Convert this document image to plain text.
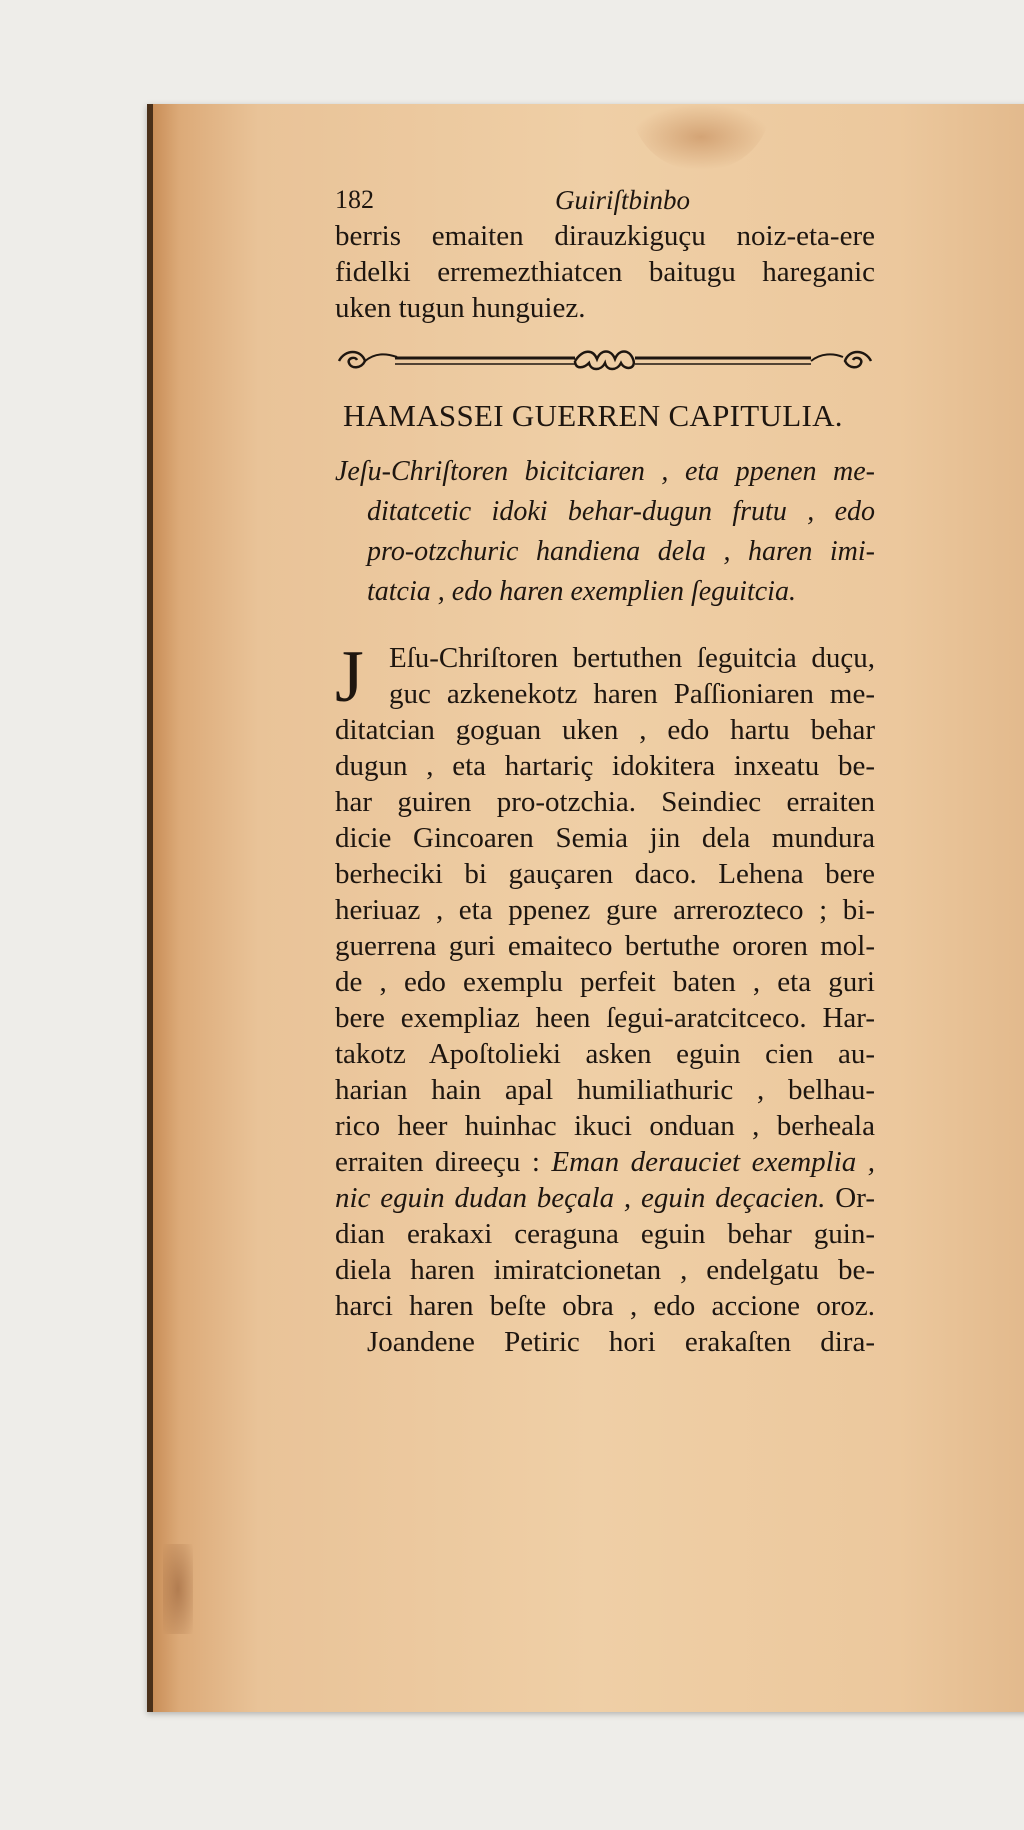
182	Guiriſtbinbo
berris emaiten dirauzkiguçu noiz-eta-ere
fidelki erremezthiatcen baitugu hareganic
uken tugun hunguiez.
HAMASSEI GUERREN CAPITULIA.
Jeſu-Chriſtoren bicitciaren , eta ppenen me-
ditatcetic idoki behar-dugun frutu , edo
pro-otzchuric handiena dela , haren imi-
tatcia , edo haren exemplien ſeguitcia.
J Eſu-Chriſtoren bertuthen ſeguitcia duçu,
guc azkenekotz haren Paſſioniaren me-
ditatcian goguan uken , edo hartu behar
dugun , eta hartariç idokitera inxeatu be-
har guiren pro-otzchia. Seindiec erraiten
dicie Gincoaren Semia jin dela mundura
berheciki bi gauçaren daco. Lehena bere
heriuaz , eta ppenez gure arrerozteco ; bi-
guerrena guri emaiteco bertuthe ororen mol-
de , edo exemplu perfeit baten , eta guri
bere exempliaz heen ſegui-aratcitceco. Har-
takotz Apoſtolieki asken eguin cien au-
harian hain apal humiliathuric , belhau-
rico heer huinhac ikuci onduan , berheala
erraiten direeçu : Eman derauciet exemplia ,
nic eguin dudan beçala , eguin deçacien. Or-
dian erakaxi ceraguna eguin behar guin-
diela haren imiratcionetan , endelgatu be-
harci haren beſte obra , edo accione oroz.
Joandene Petiric hori erakaſten dira-
